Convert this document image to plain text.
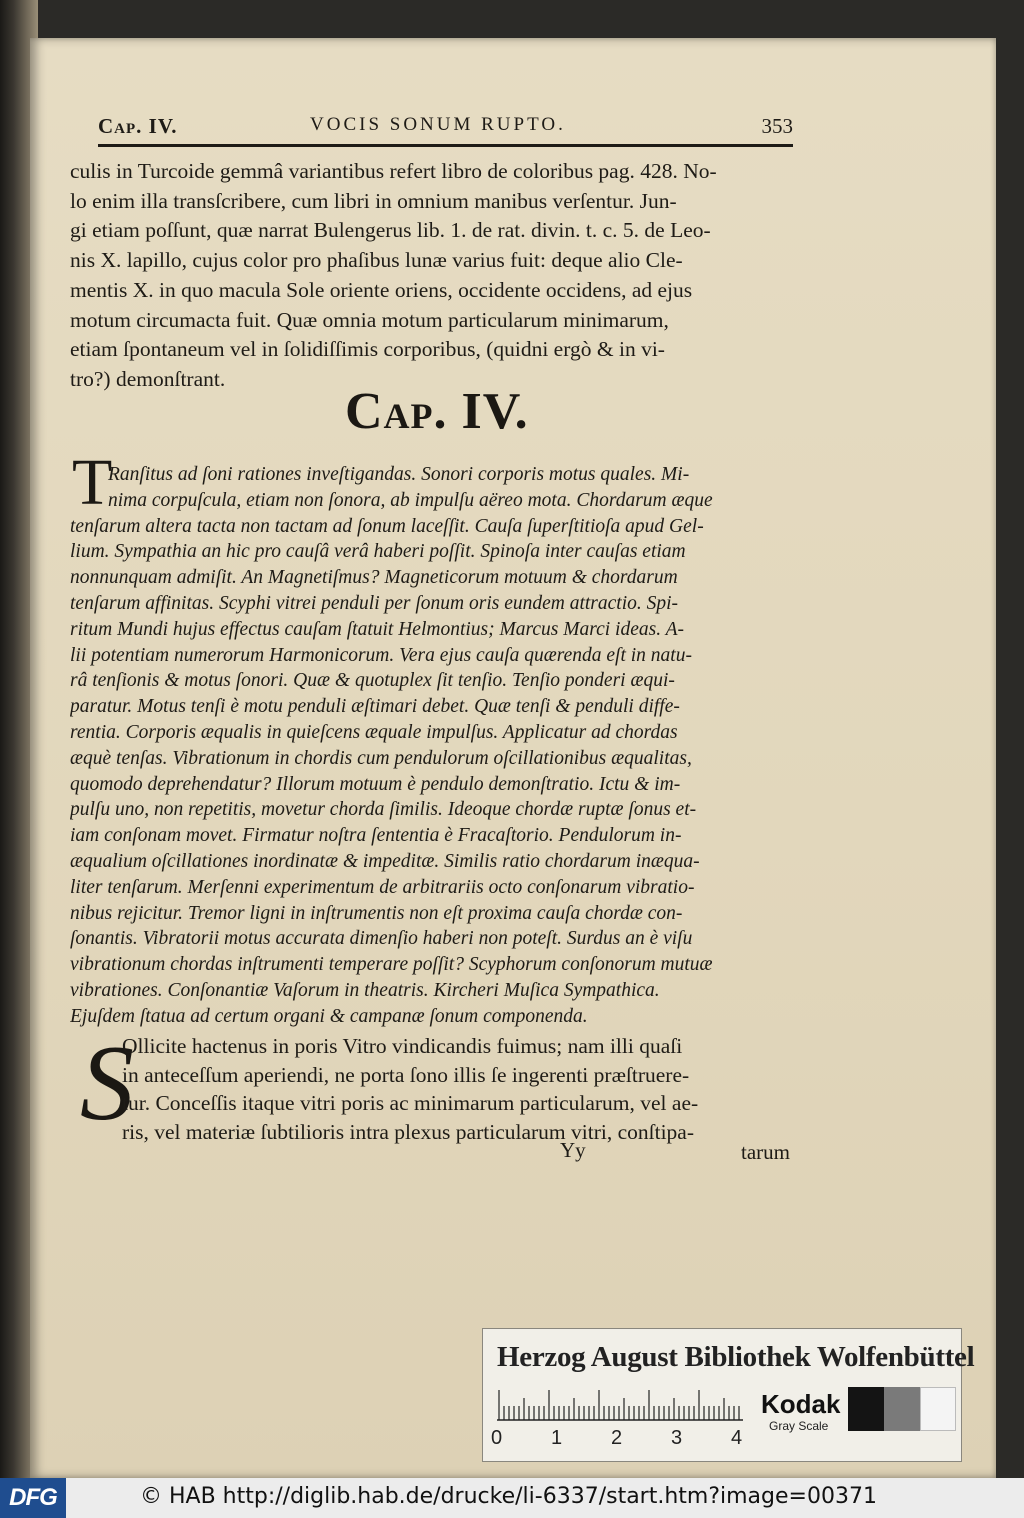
Cap. IV.	VOCIS SONUM RUPTO.	353
culis in Turcoide gemmâ variantibus refert libro de coloribus pag. 428. No-
lo enim illa transſcribere, cum libri in omnium manibus verſentur. Jun-
gi etiam poſſunt, quæ narrat Bulengerus lib. 1. de rat. divin. t. c. 5. de Leo-
nis X. lapillo, cujus color pro phaſibus lunæ varius fuit: deque alio Cle-
mentis X. in quo macula Sole oriente oriens, occidente occidens, ad ejus
motum circumacta fuit. Quæ omnia motum particularum minimarum,
etiam ſpontaneum vel in ſolidiſſimis corporibus, (quidni ergò & in vi-
tro?) demonſtrant.
Cap. IV.
T
Ranſitus ad ſoni rationes inveſtigandas. Sonori corporis motus quales. Mi-
nima corpuſcula, etiam non ſonora, ab impulſu aëreo mota. Chordarum æque
tenſarum altera tacta non tactam ad ſonum laceſſit. Cauſa ſuperſtitioſa apud Gel-
lium. Sympathia an hic pro cauſâ verâ haberi poſſit. Spinoſa inter cauſas etiam
nonnunquam admiſit. An Magnetiſmus? Magneticorum motuum & chordarum
tenſarum affinitas. Scyphi vitrei penduli per ſonum oris eundem attractio. Spi-
ritum Mundi hujus effectus cauſam ſtatuit Helmontius; Marcus Marci ideas. A-
lii potentiam numerorum Harmonicorum. Vera ejus cauſa quærenda eſt in natu-
râ tenſionis & motus ſonori. Quæ & quotuplex ſit tenſio. Tenſio ponderi æqui-
paratur. Motus tenſi è motu penduli æſtimari debet. Quæ tenſi & penduli diffe-
rentia. Corporis æqualis in quieſcens æquale impulſus. Applicatur ad chordas
æquè tenſas. Vibrationum in chordis cum pendulorum oſcillationibus æqualitas,
quomodo deprehendatur? Illorum motuum è pendulo demonſtratio. Ictu & im-
pulſu uno, non repetitis, movetur chorda ſimilis. Ideoque chordæ ruptæ ſonus et-
iam conſonam movet. Firmatur noſtra ſententia è Fracaſtorio. Pendulorum in-
æqualium oſcillationes inordinatæ & impeditæ. Similis ratio chordarum inæqua-
liter tenſarum. Merſenni experimentum de arbitrariis octo conſonarum vibratio-
nibus rejicitur. Tremor ligni in inſtrumentis non eſt proxima cauſa chordæ con-
ſonantis. Vibratorii motus accurata dimenſio haberi non poteſt. Surdus an è viſu
vibrationum chordas inſtrumenti temperare poſſit? Scyphorum conſonorum mutuæ
vibrationes. Conſonantiæ Vaſorum in theatris. Kircheri Muſica Sympathica.
Ejuſdem ſtatua ad certum organi & campanæ ſonum componenda.
S
Ollicite hactenus in poris Vitro vindicandis fuimus; nam illi quaſi
in anteceſſum aperiendi, ne porta ſono illis ſe ingerenti præſtruere-
tur. Conceſſis itaque vitri poris ac minimarum particularum, vel ae-
ris, vel materiæ ſubtilioris intra plexus particularum vitri, conſtipa-
Yy	tarum
Herzog August Bibliothek Wolfenbüttel
0 1 2 3 4
Kodak
Gray Scale
DFG	© HAB http://diglib.hab.de/drucke/li-6337/start.htm?image=00371
